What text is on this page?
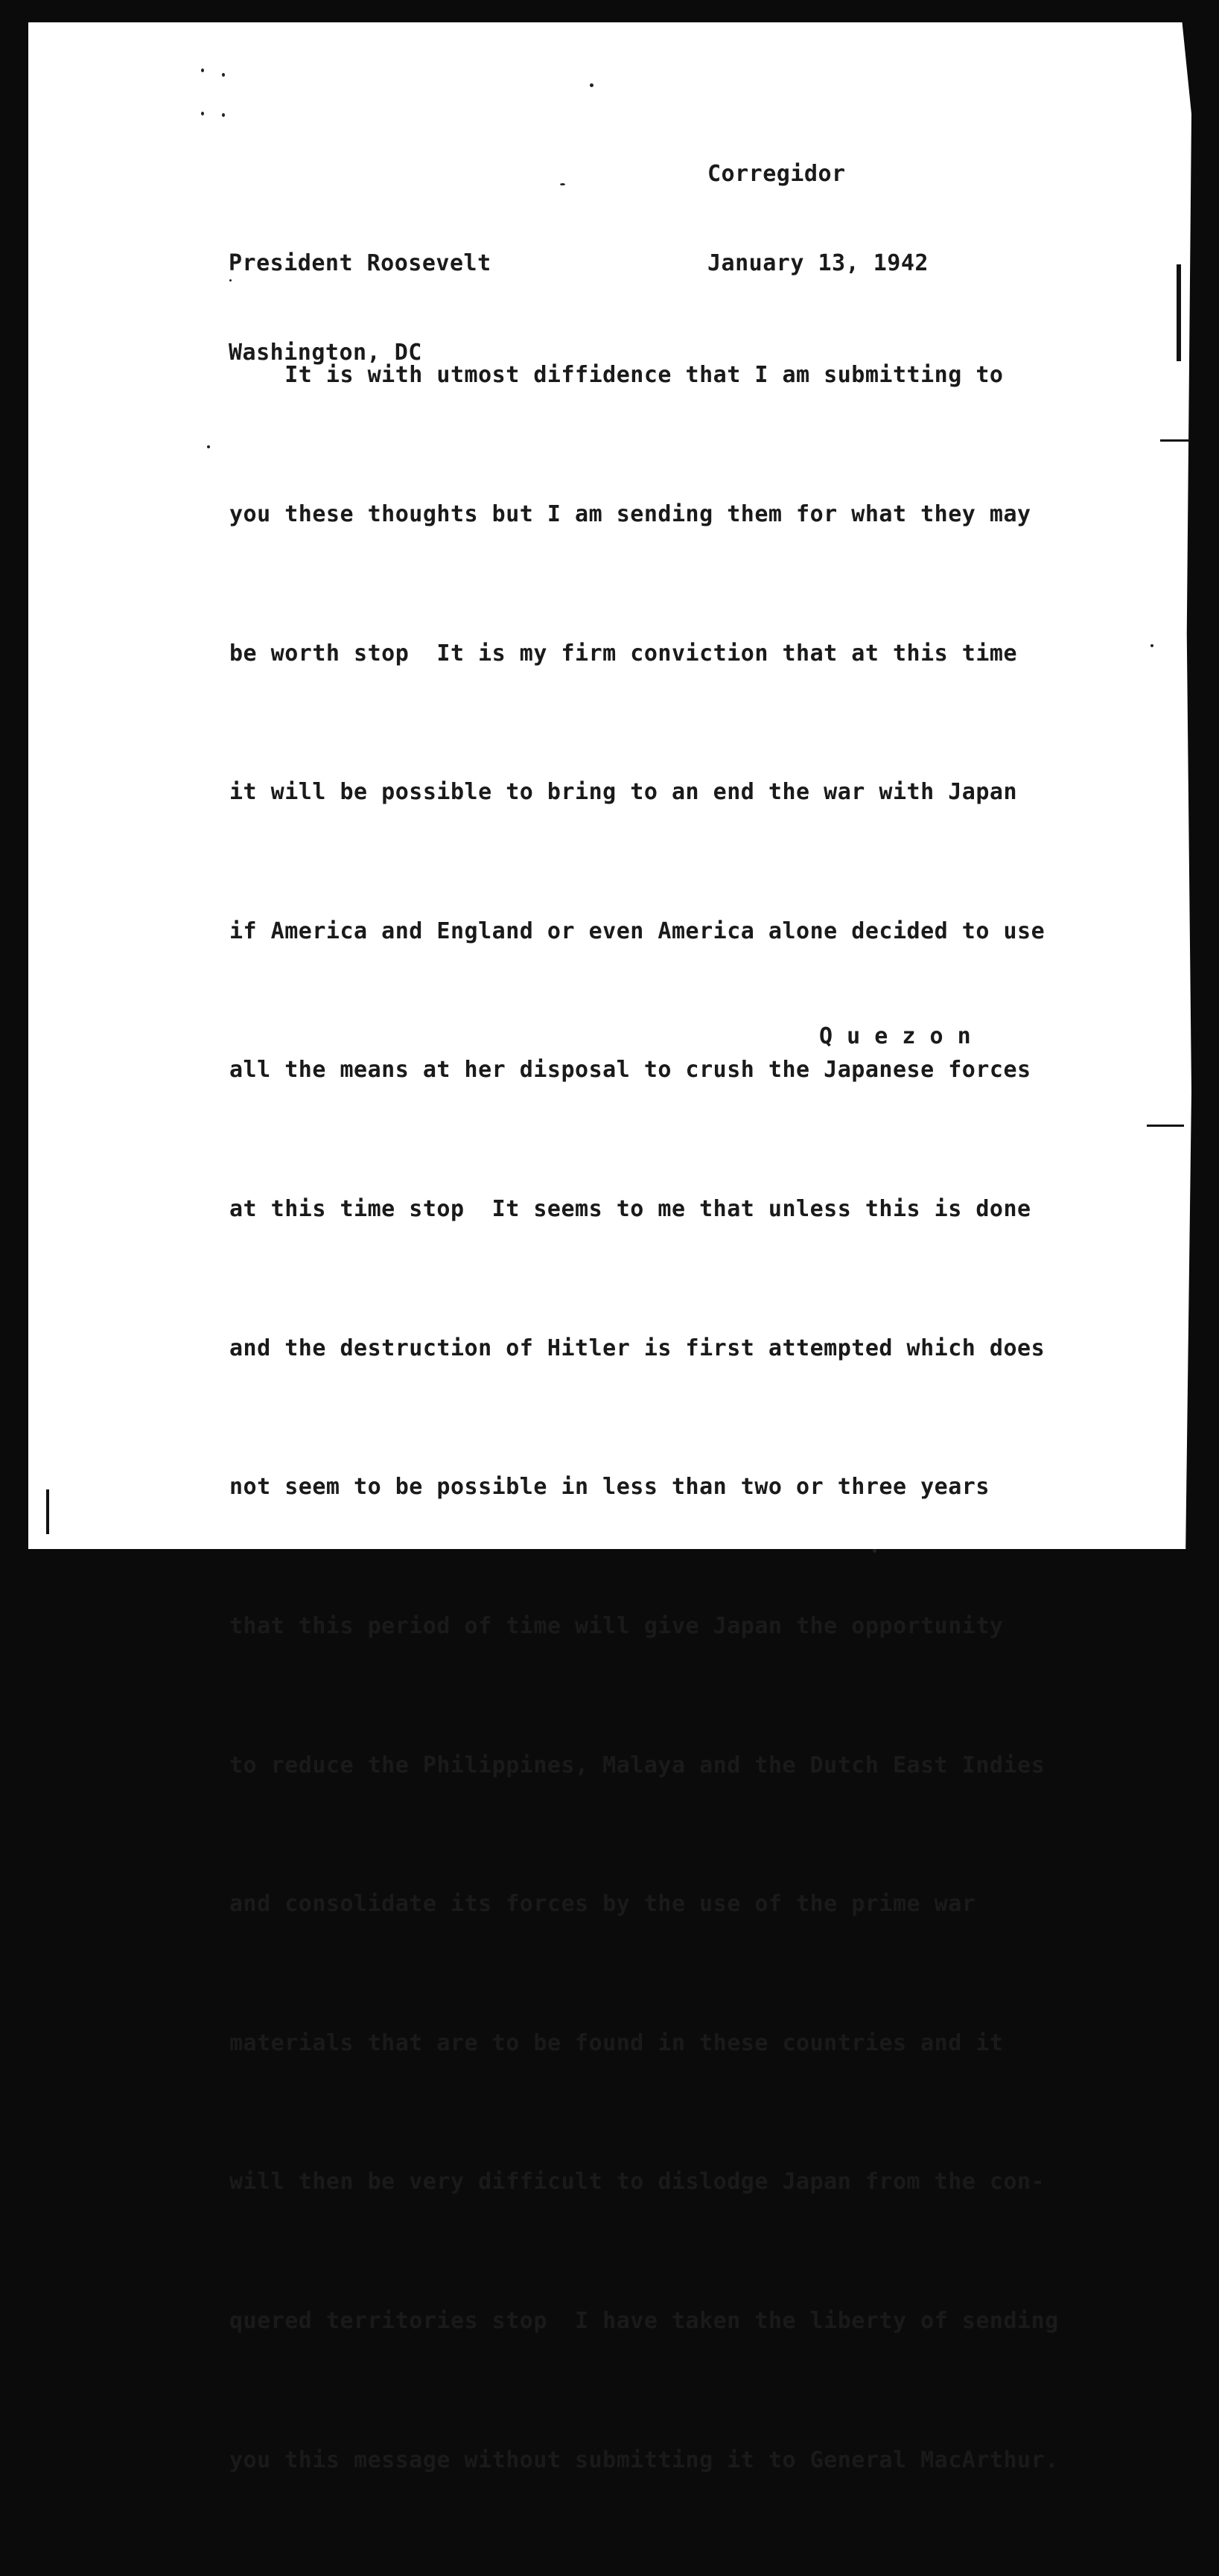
Corregidor

January 13, 1942

President Roosevelt

Washington, DC

It is with utmost diffidence that I am submitting to

you these thoughts but I am sending them for what they may

be worth stop  It is my firm conviction that at this time

it will be possible to bring to an end the war with Japan

if America and England or even America alone decided to use

all the means at her disposal to crush the Japanese forces

at this time stop  It seems to me that unless this is done

and the destruction of Hitler is first attempted which does

not seem to be possible in less than two or three years

that this period of time will give Japan the opportunity

to reduce the Philippines, Malaya and the Dutch East Indies

and consolidate its forces by the use of the prime war

materials that are to be found in these countries and it

will then be very difficult to dislodge Japan from the con-

quered territories stop  I have taken the liberty of sending

you this message without submitting it to General MacArthur.

Q u e z o n
